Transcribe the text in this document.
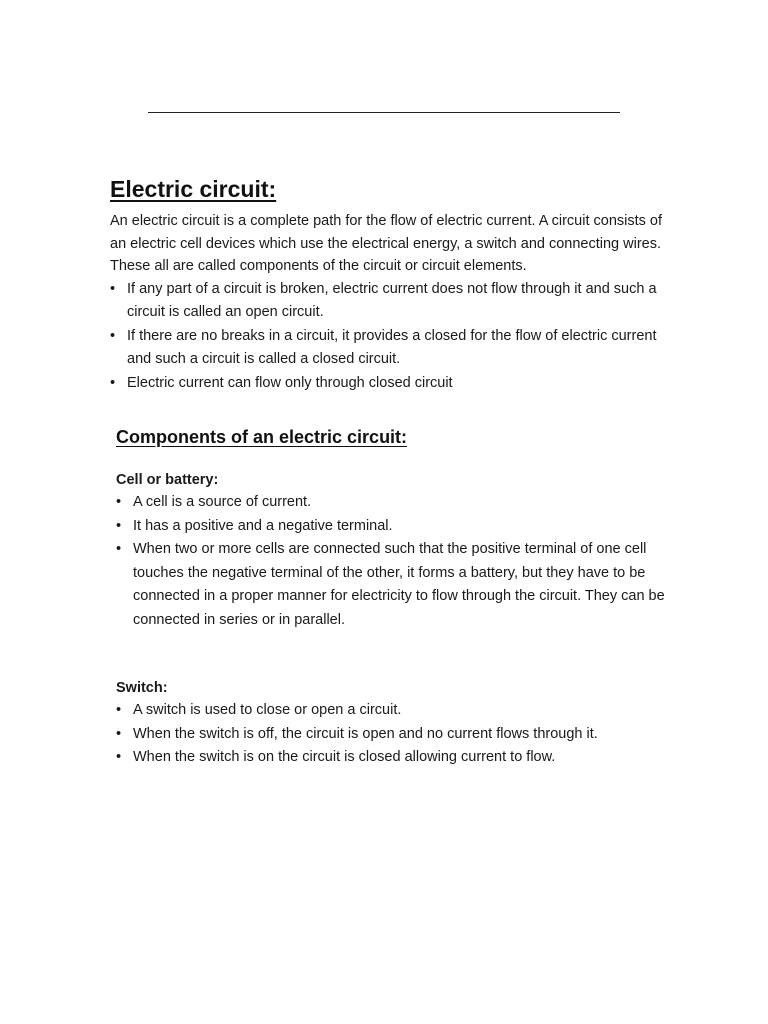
Electric circuit:

An electric circuit is a complete path for the flow of electric current. A circuit consists of an electric cell devices which use the electrical energy, a switch and connecting wires. These all are called components of the circuit or circuit elements.

• If any part of a circuit is broken, electric current does not flow through it and such a circuit is called an open circuit.
• If there are no breaks in a circuit, it provides a closed for the flow of electric current and such a circuit is called a closed circuit.
• Electric current can flow only through closed circuit
Components of an electric circuit:
Cell or battery:
• A cell is a source of current.
• It has a positive and a negative terminal.
• When two or more cells are connected such that the positive terminal of one cell touches the negative terminal of the other, it forms a battery, but they have to be connected in a proper manner for electricity to flow through the circuit. They can be connected in series or in parallel.
Switch:
• A switch is used to close or open a circuit.
• When the switch is off, the circuit is open and no current flows through it.
• When the switch is on the circuit is closed allowing current to flow.
